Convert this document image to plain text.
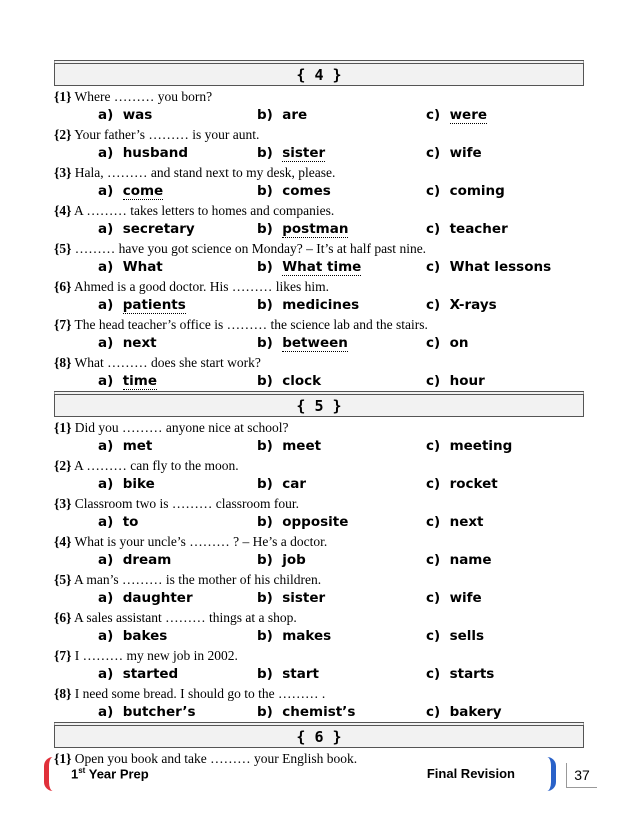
{ 4 }
{1} Where ……… you born?
a)  was	b)  are	c)  were
{2} Your father’s ……… is your aunt.
a)  husband	b)  sister	c)  wife
{3} Hala, ……… and stand next to my desk, please.
a)  come	b)  comes	c)  coming
{4} A ……… takes letters to homes and companies.
a)  secretary	b)  postman	c)  teacher
{5} ……… have you got science on Monday? – It’s at half past nine.
a)  What	b)  What time	c)  What lessons
{6} Ahmed is a good doctor. His ……… likes him.
a)  patients	b)  medicines	c)  X-rays
{7} The head teacher’s office is ……… the science lab and the stairs.
a)  next	b)  between	c)  on
{8} What ……… does she start work?
a)  time	b)  clock	c)  hour
{ 5 }
{1} Did you ……… anyone nice at school?
a)  met	b)  meet	c)  meeting
{2} A ……… can fly to the moon.
a)  bike	b)  car	c)  rocket
{3} Classroom two is ……… classroom four.
a)  to	b)  opposite	c)  next
{4} What is your uncle’s ……… ? – He’s a doctor.
a)  dream	b)  job	c)  name
{5} A man’s ……… is the mother of his children.
a)  daughter	b)  sister	c)  wife
{6} A sales assistant ……… things at a shop.
a)  bakes	b)  makes	c)  sells
{7} I ……… my new job in 2002.
a)  started	b)  start	c)  starts
{8} I need some bread. I should go to the ……… .
a)  butcher’s	b)  chemist’s	c)  bakery
{ 6 }
{1} Open you book and take ……… your English book.
1st Year Prep	Final Revision	37
